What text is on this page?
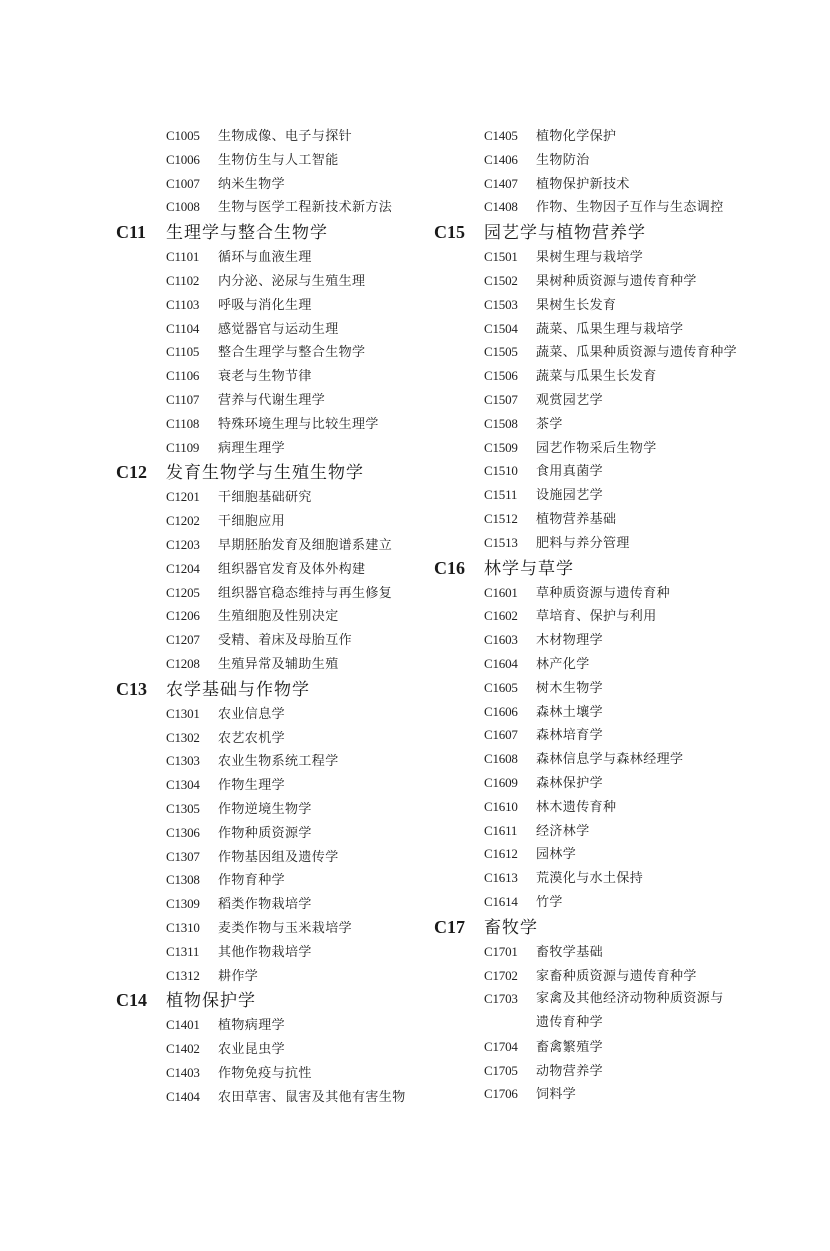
C1005	生物成像、电子与探针
C1006	生物仿生与人工智能
C1007	纳米生物学
C1008	生物与医学工程新技术新方法
C11	生理学与整合生物学
C1101	循环与血液生理
C1102	内分泌、泌尿与生殖生理
C1103	呼吸与消化生理
C1104	感觉器官与运动生理
C1105	整合生理学与整合生物学
C1106	衰老与生物节律
C1107	营养与代谢生理学
C1108	特殊环境生理与比较生理学
C1109	病理生理学
C12	发育生物学与生殖生物学
C1201	干细胞基础研究
C1202	干细胞应用
C1203	早期胚胎发育及细胞谱系建立
C1204	组织器官发育及体外构建
C1205	组织器官稳态维持与再生修复
C1206	生殖细胞及性别决定
C1207	受精、着床及母胎互作
C1208	生殖异常及辅助生殖
C13	农学基础与作物学
C1301	农业信息学
C1302	农艺农机学
C1303	农业生物系统工程学
C1304	作物生理学
C1305	作物逆境生物学
C1306	作物种质资源学
C1307	作物基因组及遗传学
C1308	作物育种学
C1309	稻类作物栽培学
C1310	麦类作物与玉米栽培学
C1311	其他作物栽培学
C1312	耕作学
C14	植物保护学
C1401	植物病理学
C1402	农业昆虫学
C1403	作物免疫与抗性
C1404	农田草害、鼠害及其他有害生物
C1405	植物化学保护
C1406	生物防治
C1407	植物保护新技术
C1408	作物、生物因子互作与生态调控
C15	园艺学与植物营养学
C1501	果树生理与栽培学
C1502	果树种质资源与遗传育种学
C1503	果树生长发育
C1504	蔬菜、瓜果生理与栽培学
C1505	蔬菜、瓜果种质资源与遗传育种学
C1506	蔬菜与瓜果生长发育
C1507	观赏园艺学
C1508	茶学
C1509	园艺作物采后生物学
C1510	食用真菌学
C1511	设施园艺学
C1512	植物营养基础
C1513	肥料与养分管理
C16	林学与草学
C1601	草种质资源与遗传育种
C1602	草培育、保护与利用
C1603	木材物理学
C1604	林产化学
C1605	树木生物学
C1606	森林土壤学
C1607	森林培育学
C1608	森林信息学与森林经理学
C1609	森林保护学
C1610	林木遗传育种
C1611	经济林学
C1612	园林学
C1613	荒漠化与水土保持
C1614	竹学
C17	畜牧学
C1701	畜牧学基础
C1702	家畜种质资源与遗传育种学
C1703	家禽及其他经济动物种质资源与遗传育种学
C1704	畜禽繁殖学
C1705	动物营养学
C1706	饲料学
